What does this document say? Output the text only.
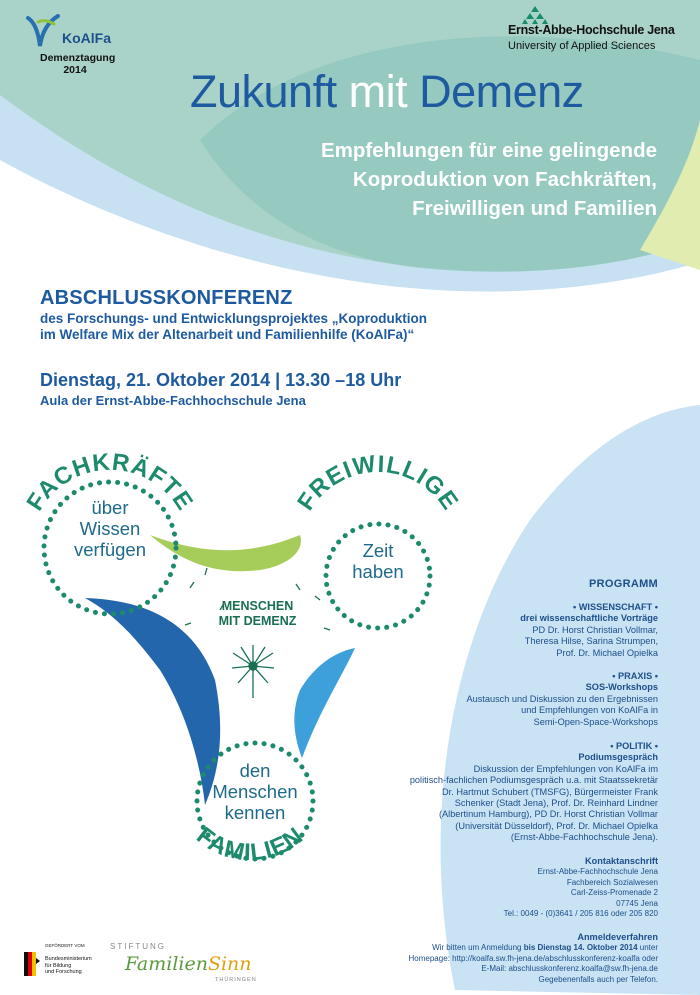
KoAlFa
Demenztagung
2014
Ernst-Abbe-Hochschule Jena
University of Applied Sciences
Zukunft mit Demenz
Empfehlungen für eine gelingende
Koproduktion von Fachkräften,
Freiwilligen und Familien
ABSCHLUSSKONFERENZ
des Forschungs- und Entwicklungsprojektes „Koproduktion
im Welfare Mix der Altenarbeit und Familienhilfe (KoAlFa)“
Dienstag, 21. Oktober 2014 | 13.30 –18 Uhr
Aula der Ernst-Abbe-Fachhochschule Jena
FACHKRÄFTE	FREIWILLIGE
FAMILIEN
über
Wissen
verfügen	Zeit
haben
den
Menschen
kennen
MENSCHEN
MIT DEMENZ
PROGRAMM
• WISSENSCHAFT •
drei wissenschaftliche Vorträge
PD Dr. Horst Christian Vollmar,
Theresa Hilse, Sarina Strumpen,
Prof. Dr. Michael Opielka
• PRAXIS •
SOS-Workshops
Austausch und Diskussion zu den Ergebnissen
und Empfehlungen von KoAlFa in
Semi-Open-Space-Workshops
• POLITIK •
Podiumsgespräch
Diskussion der Empfehlungen von KoAlFa im
politisch-fachlichen Podiumsgespräch u.a. mit Staatssekretär
Dr. Hartmut Schubert (TMSFG), Bürgermeister Frank
Schenker (Stadt Jena), Prof. Dr. Reinhard Lindner
(Albertinum Hamburg), PD Dr. Horst Christian Vollmar
(Universität Düsseldorf), Prof. Dr. Michael Opielka
(Ernst-Abbe-Fachhochschule Jena).
Kontaktanschrift
Ernst-Abbe-Fachhochschule Jena
Fachbereich Sozialwesen
Carl-Zeiss-Promenade 2
07745 Jena
Tel.: 0049 - (0)3641 / 205 816 oder 205 820
Anmeldeverfahren
Wir bitten um Anmeldung bis Dienstag 14. Oktober 2014 unter
Homepage: http://koalfa.sw.fh-jena.de/abschlusskonferenz-koalfa oder
E-Mail: abschlusskonferenz.koalfa@sw.fh-jena.de
Gegebenenfalls auch per Telefon.
GEFÖRDERT VOM
Bundesministerium
für Bildung
und Forschung
STIFTUNG
FamilienSinn
THÜRINGEN
